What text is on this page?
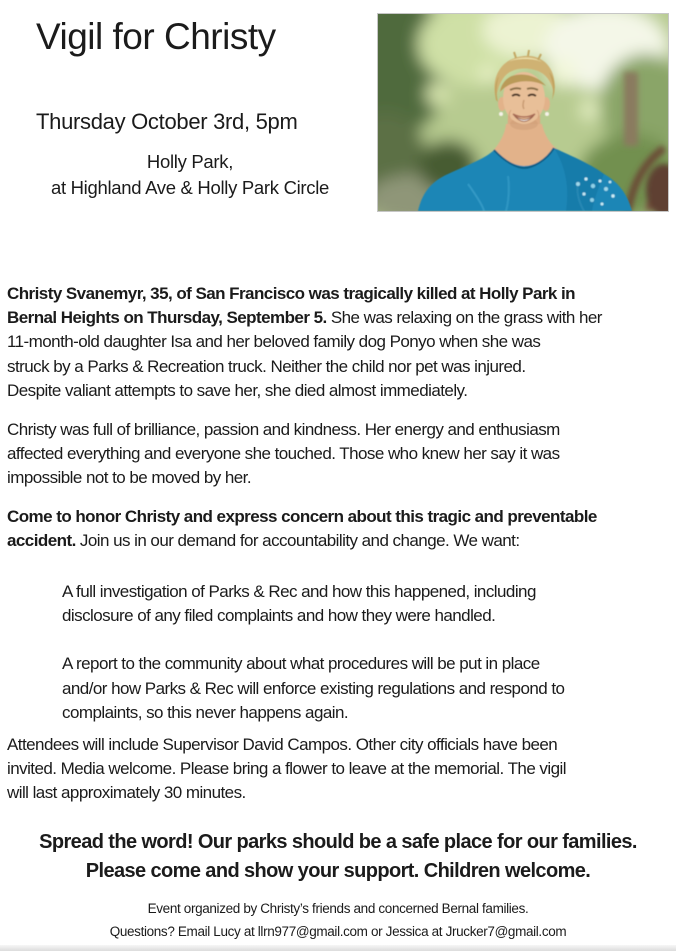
Vigil for Christy
Thursday October 3rd, 5pm
Holly Park,
at Highland Ave & Holly Park Circle
Christy Svanemyr, 35, of San Francisco was tragically killed at Holly Park in
Bernal Heights on Thursday, September 5. She was relaxing on the grass with her
11-month-old daughter Isa and her beloved family dog Ponyo when she was
struck by a Parks & Recreation truck. Neither the child nor pet was injured.
Despite valiant attempts to save her, she died almost immediately.
Christy was full of brilliance, passion and kindness. Her energy and enthusiasm
affected everything and everyone she touched. Those who knew her say it was
impossible not to be moved by her.
Come to honor Christy and express concern about this tragic and preventable
accident. Join us in our demand for accountability and change. We want:
A full investigation of Parks & Rec and how this happened, including
disclosure of any filed complaints and how they were handled.
A report to the community about what procedures will be put in place
and/or how Parks & Rec will enforce existing regulations and respond to
complaints, so this never happens again.
Attendees will include Supervisor David Campos. Other city officials have been
invited. Media welcome. Please bring a flower to leave at the memorial. The vigil
will last approximately 30 minutes.
Spread the word! Our parks should be a safe place for our families.
Please come and show your support. Children welcome.
Event organized by Christy’s friends and concerned Bernal families.
Questions? Email Lucy at llrn977@gmail.com or Jessica at Jrucker7@gmail.com
